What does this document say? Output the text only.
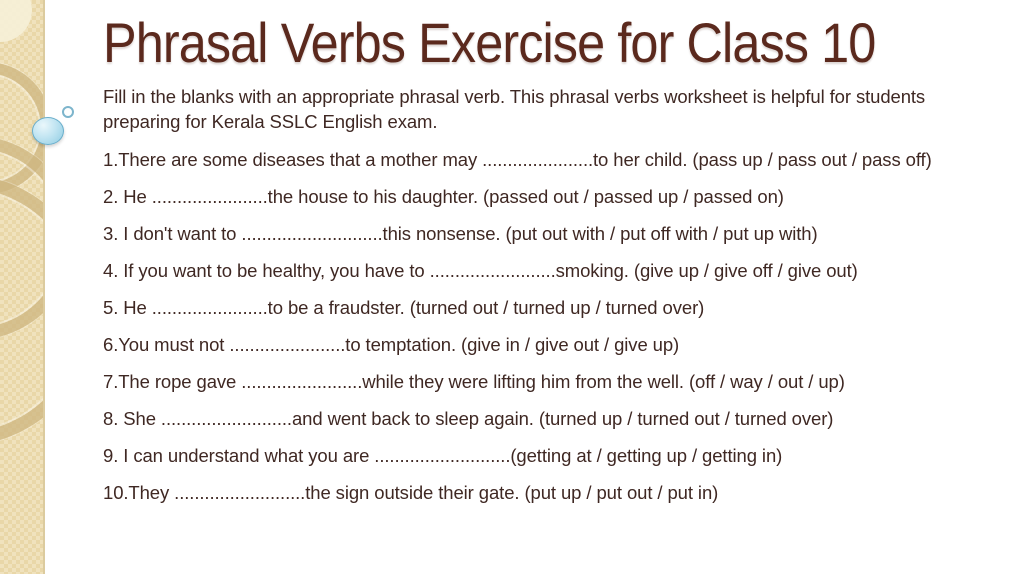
Phrasal Verbs Exercise for Class 10

Fill in the blanks with an appropriate phrasal verb. This phrasal verbs worksheet is helpful for students preparing for Kerala SSLC English exam.

1.There are some diseases that a mother may ......................to her child. (pass up / pass out / pass off)

2. He .......................the house to his daughter. (passed out / passed up / passed on)

3. I don't want to ............................this nonsense. (put out with / put off with / put up with)

4. If you want to be healthy, you have to .........................smoking. (give up / give off / give out)

5. He .......................to be a fraudster. (turned out / turned up / turned over)

6.You must not .......................to temptation. (give in / give out / give up)

7.The rope gave ........................while they were lifting him from the well. (off / way / out / up)

8. She ..........................and went back to sleep again. (turned up / turned out / turned over)

9. I can understand what you are ...........................(getting at / getting up / getting in)

10.They ..........................the sign outside their gate. (put up / put out / put in)
